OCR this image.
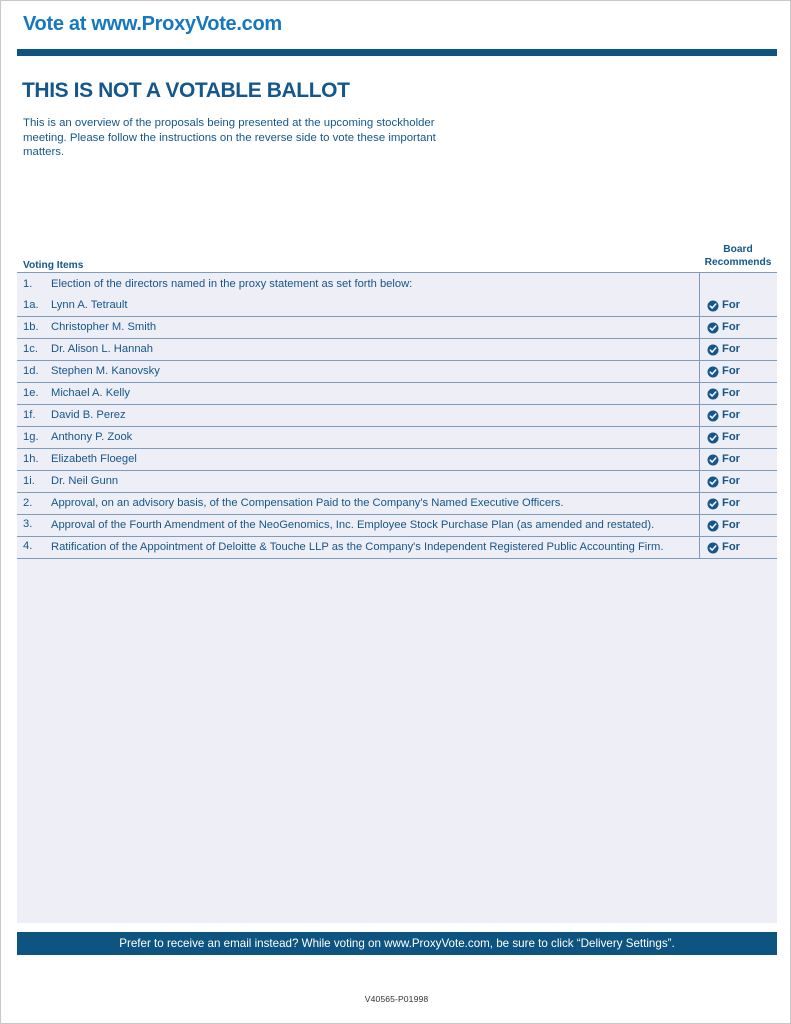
Vote at www.ProxyVote.com
THIS IS NOT A VOTABLE BALLOT
This is an overview of the proposals being presented at the upcoming stockholder meeting. Please follow the instructions on the reverse side to vote these important matters.
Voting Items
Board
Recommends
1.	Election of the directors named in the proxy statement as set forth below:
1a.	Lynn A. Tetrault	For
1b.	Christopher M. Smith	For
1c.	Dr. Alison L. Hannah	For
1d.	Stephen M. Kanovsky	For
1e.	Michael A. Kelly	For
1f.	David B. Perez	For
1g.	Anthony P. Zook	For
1h.	Elizabeth Floegel	For
1i.	Dr. Neil Gunn	For
2.	Approval, on an advisory basis, of the Compensation Paid to the Company's Named Executive Officers.	For
3.	Approval of the Fourth Amendment of the NeoGenomics, Inc. Employee Stock Purchase Plan (as amended and restated).	For
4.	Ratification of the Appointment of Deloitte & Touche LLP as the Company's Independent Registered Public Accounting Firm.	For
Prefer to receive an email instead? While voting on www.ProxyVote.com, be sure to click “Delivery Settings”.
V40565-P01998
